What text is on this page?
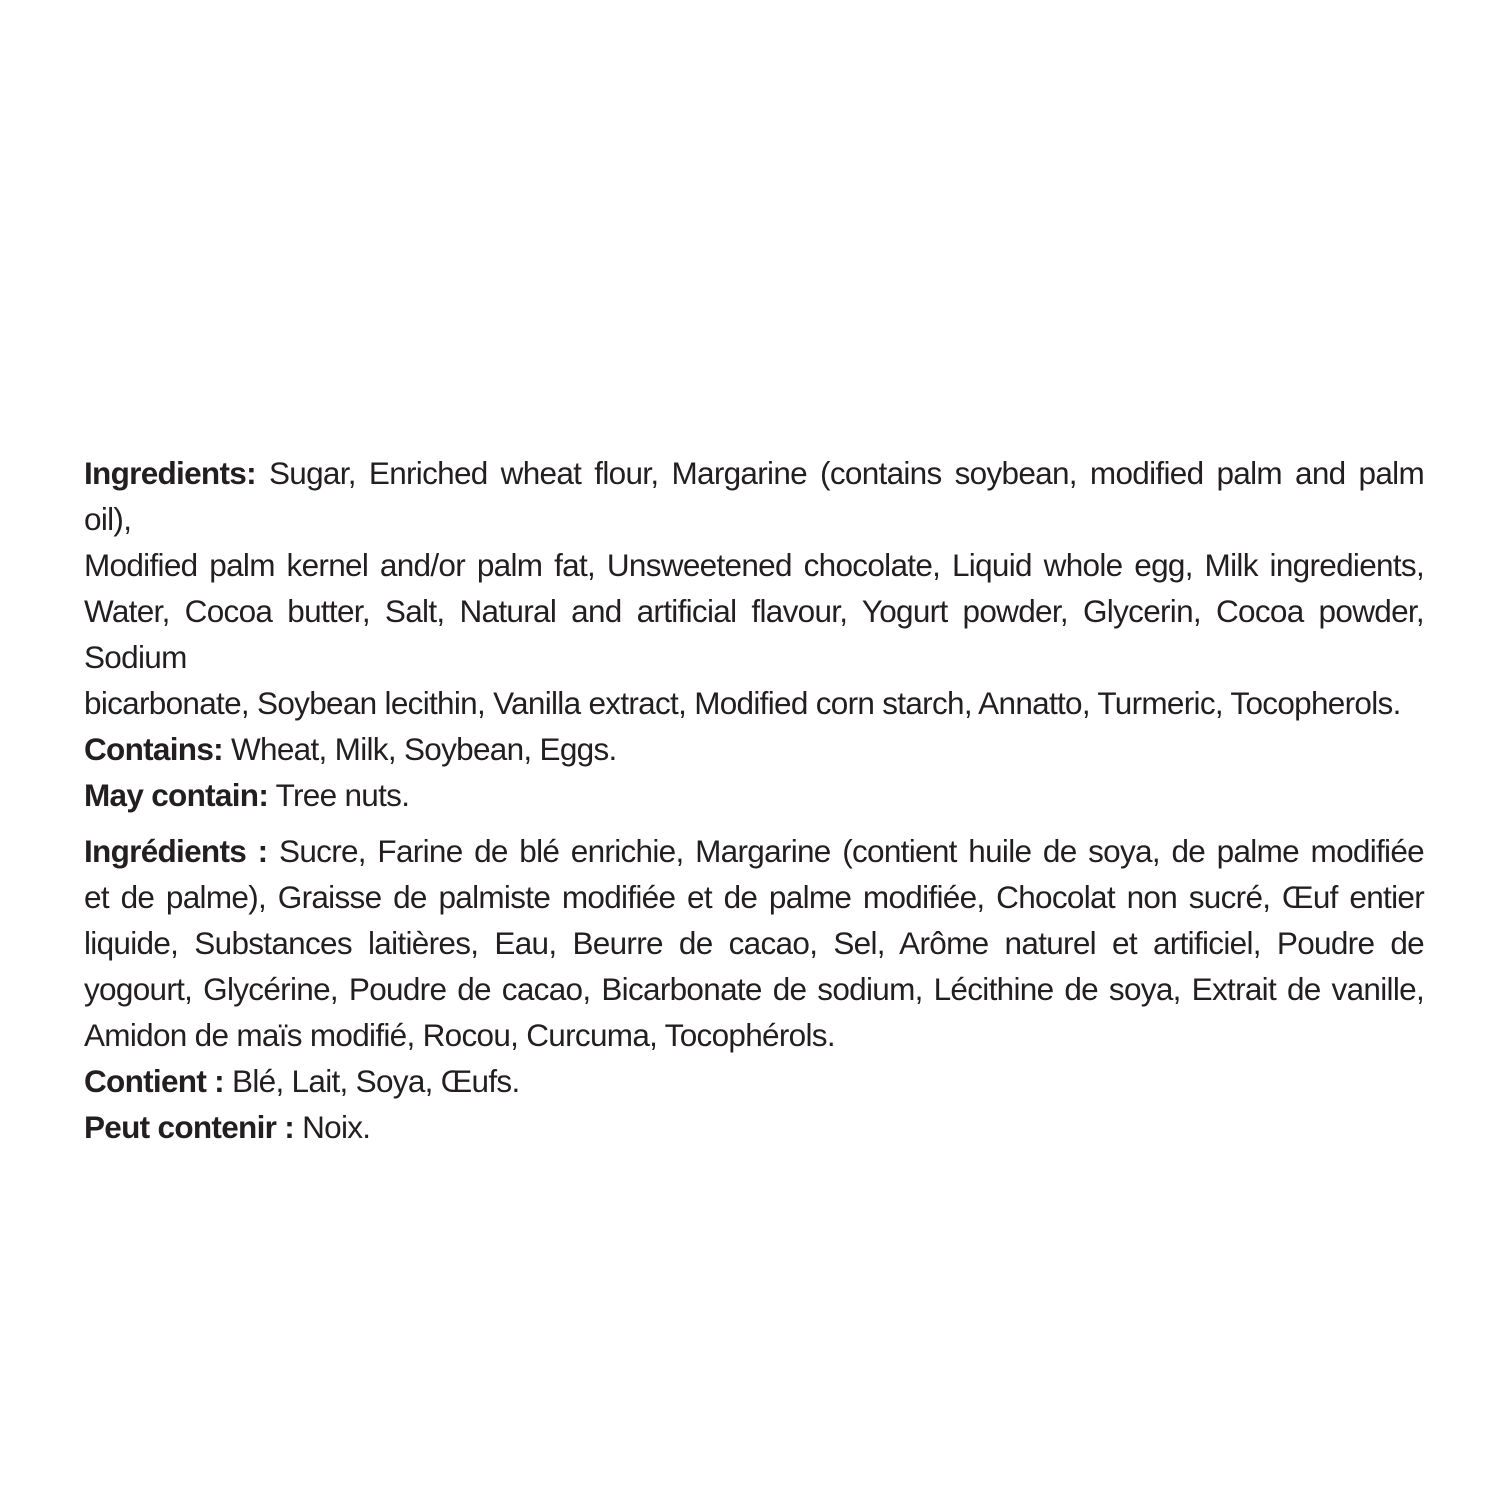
Ingredients: Sugar, Enriched wheat flour, Margarine (contains soybean, modified palm and palm oil),
Modified palm kernel and/or palm fat, Unsweetened chocolate, Liquid whole egg, Milk ingredients,
Water, Cocoa butter, Salt, Natural and artificial flavour, Yogurt powder, Glycerin, Cocoa powder, Sodium
bicarbonate, Soybean lecithin, Vanilla extract, Modified corn starch, Annatto, Turmeric, Tocopherols.
Contains: Wheat, Milk, Soybean, Eggs.
May contain: Tree nuts.
Ingrédients : Sucre, Farine de blé enrichie, Margarine (contient huile de soya, de palme modifiée
et de palme), Graisse de palmiste modifiée et de palme modifiée, Chocolat non sucré, Œuf entier
liquide, Substances laitières, Eau, Beurre de cacao, Sel, Arôme naturel et artificiel, Poudre de
yogourt, Glycérine, Poudre de cacao, Bicarbonate de sodium, Lécithine de soya, Extrait de vanille,
Amidon de maïs modifié, Rocou, Curcuma, Tocophérols.
Contient : Blé, Lait, Soya, Œufs.
Peut contenir : Noix.
